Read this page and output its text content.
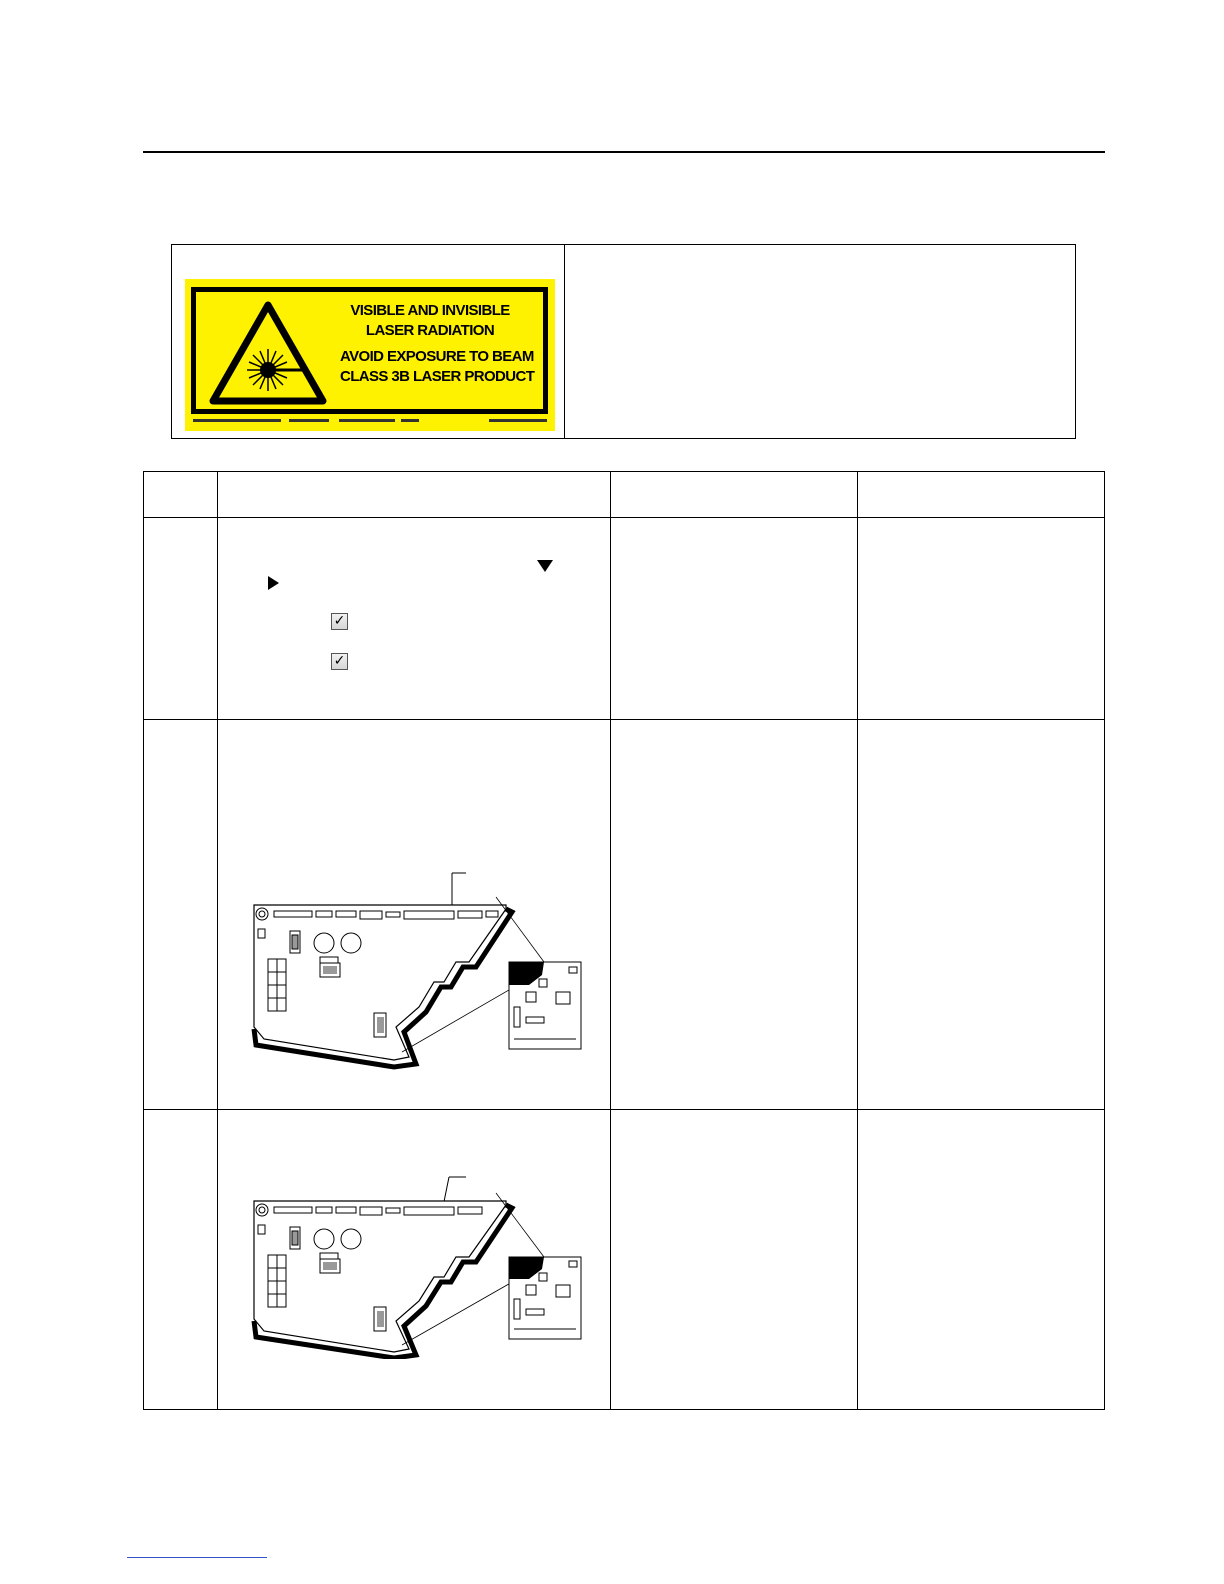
VISIBLE AND INVISIBLE
LASER RADIATION
AVOID EXPOSURE TO BEAM
CLASS 3B LASER PRODUCT
✓
✓
